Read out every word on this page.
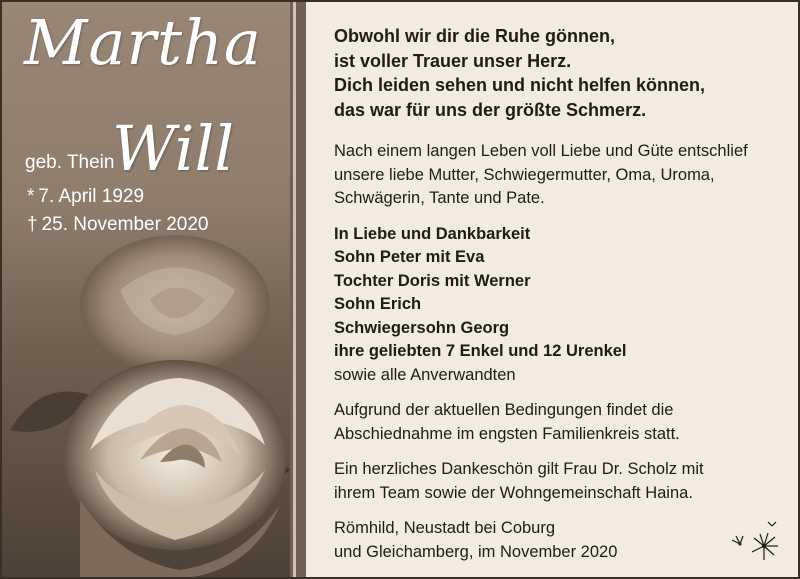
Martha
geb. Thein
Will
* 7. April 1929
† 25. November 2020
Obwohl wir dir die Ruhe gönnen,
ist voller Trauer unser Herz.
Dich leiden sehen und nicht helfen können,
das war für uns der größte Schmerz.
Nach einem langen Leben voll Liebe und Güte entschlief
unsere liebe Mutter, Schwiegermutter, Oma, Uroma,
Schwägerin, Tante und Pate.
In Liebe und Dankbarkeit
Sohn Peter mit Eva
Tochter Doris mit Werner
Sohn Erich
Schwiegersohn Georg
ihre geliebten 7 Enkel und 12 Urenkel
sowie alle Anverwandten
Aufgrund der aktuellen Bedingungen findet die
Abschiednahme im engsten Familienkreis statt.
Ein herzliches Dankeschön gilt Frau Dr. Scholz mit
ihrem Team sowie der Wohngemeinschaft Haina.
Römhild, Neustadt bei Coburg
und Gleichamberg, im November 2020
